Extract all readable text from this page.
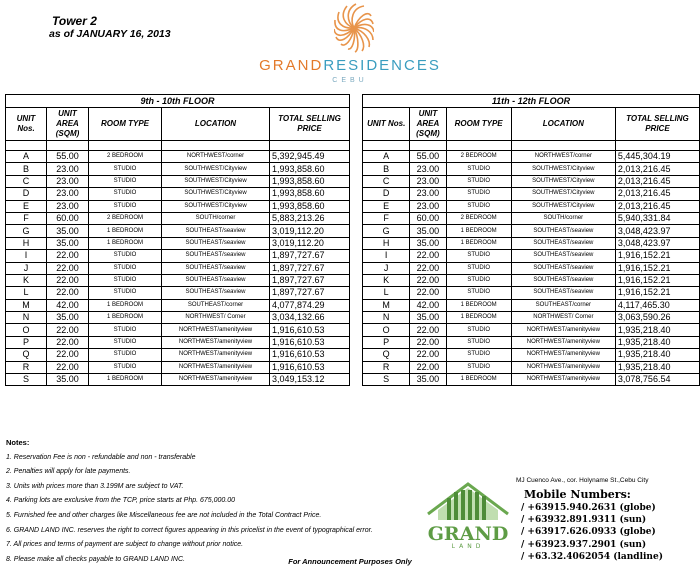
Tower 2
as of JANUARY 16, 2013
GRANDRESIDENCES
CEBU
9th - 10th FLOOR				
UNIT Nos.	UNIT AREA (SQM)	ROOM TYPE	LOCATION	TOTAL SELLING PRICE

A	55.00	2 BEDROOM	NORTHWEST/corner	5,392,945.49
B	23.00	STUDIO	SOUTHWEST/Cityview	1,993,858.60
C	23.00	STUDIO	SOUTHWEST/Cityview	1,993,858.60
D	23.00	STUDIO	SOUTHWEST/Cityview	1,993,858.60
E	23.00	STUDIO	SOUTHWEST/Cityview	1,993,858.60
F	60.00	2 BEDROOM	SOUTH/corner	5,883,213.26
G	35.00	1 BEDROOM	SOUTHEAST/seaview	3,019,112.20
H	35.00	1 BEDROOM	SOUTHEAST/seaview	3,019,112.20
I	22.00	STUDIO	SOUTHEAST/seaview	1,897,727.67
J	22.00	STUDIO	SOUTHEAST/seaview	1,897,727.67
K	22.00	STUDIO	SOUTHEAST/seaview	1,897,727.67
L	22.00	STUDIO	SOUTHEAST/seaview	1,897,727.67
M	42.00	1 BEDROOM	SOUTHEAST/corner	4,077,874.29
N	35.00	1 BEDROOM	NORTHWEST/ Corner	3,034,132.66
O	22.00	STUDIO	NORTHWEST/amenityview	1,916,610.53
P	22.00	STUDIO	NORTHWEST/amenityview	1,916,610.53
Q	22.00	STUDIO	NORTHWEST/amenityview	1,916,610.53
R	22.00	STUDIO	NORTHWEST/amenityview	1,916,610.53
S	35.00	1 BEDROOM	NORTHWEST/amenityview	3,049,153.12
11th - 12th FLOOR				
UNIT Nos.	UNIT AREA (SQM)	ROOM TYPE	LOCATION	TOTAL SELLING PRICE

A	55.00	2 BEDROOM	NORTHWEST/corner	5,445,304.19
B	23.00	STUDIO	SOUTHWEST/Cityview	2,013,216.45
C	23.00	STUDIO	SOUTHWEST/Cityview	2,013,216.45
D	23.00	STUDIO	SOUTHWEST/Cityview	2,013,216.45
E	23.00	STUDIO	SOUTHWEST/Cityview	2,013,216.45
F	60.00	2 BEDROOM	SOUTH/corner	5,940,331.84
G	35.00	1 BEDROOM	SOUTHEAST/seaview	3,048,423.97
H	35.00	1 BEDROOM	SOUTHEAST/seaview	3,048,423.97
I	22.00	STUDIO	SOUTHEAST/seaview	1,916,152.21
J	22.00	STUDIO	SOUTHEAST/seaview	1,916,152.21
K	22.00	STUDIO	SOUTHEAST/seaview	1,916,152.21
L	22.00	STUDIO	SOUTHEAST/seaview	1,916,152.21
M	42.00	1 BEDROOM	SOUTHEAST/corner	4,117,465.30
N	35.00	1 BEDROOM	NORTHWEST/ Corner	3,063,590.26
O	22.00	STUDIO	NORTHWEST/amenityview	1,935,218.40
P	22.00	STUDIO	NORTHWEST/amenityview	1,935,218.40
Q	22.00	STUDIO	NORTHWEST/amenityview	1,935,218.40
R	22.00	STUDIO	NORTHWEST/amenityview	1,935,218.40
S	35.00	1 BEDROOM	NORTHWEST/amenityview	3,078,756.54
Notes:
1. Reservation Fee is non - refundable and non - transferable
2. Penalties will apply for late payments.
3. Units with prices more than 3.199M are subject to VAT.
4. Parking lots are exclusive from the TCP, price starts at Php. 675,000.00
5. Furnished fee and other charges like Miscellaneous fee are not included in the Total Contract Price.
6. GRAND LAND INC. reserves the right to correct figures appearing in this pricelist in the event of typographical error.
7. All prices and terms of payment are subject to change without prior notice.
8. Please make all checks payable to GRAND LAND INC.
GRAND
LAND
MJ Cuenco Ave., cor. Holyname St.,Cebu City
Mobile Numbers:
/ +63915.940.2631 (globe)
/ +63932.891.9311 (sun)
/ +63917.626.0933 (globe)
/ +63923.937.2901 (sun)
/ +63.32.4062054 (landline)
For Announcement Purposes Only
